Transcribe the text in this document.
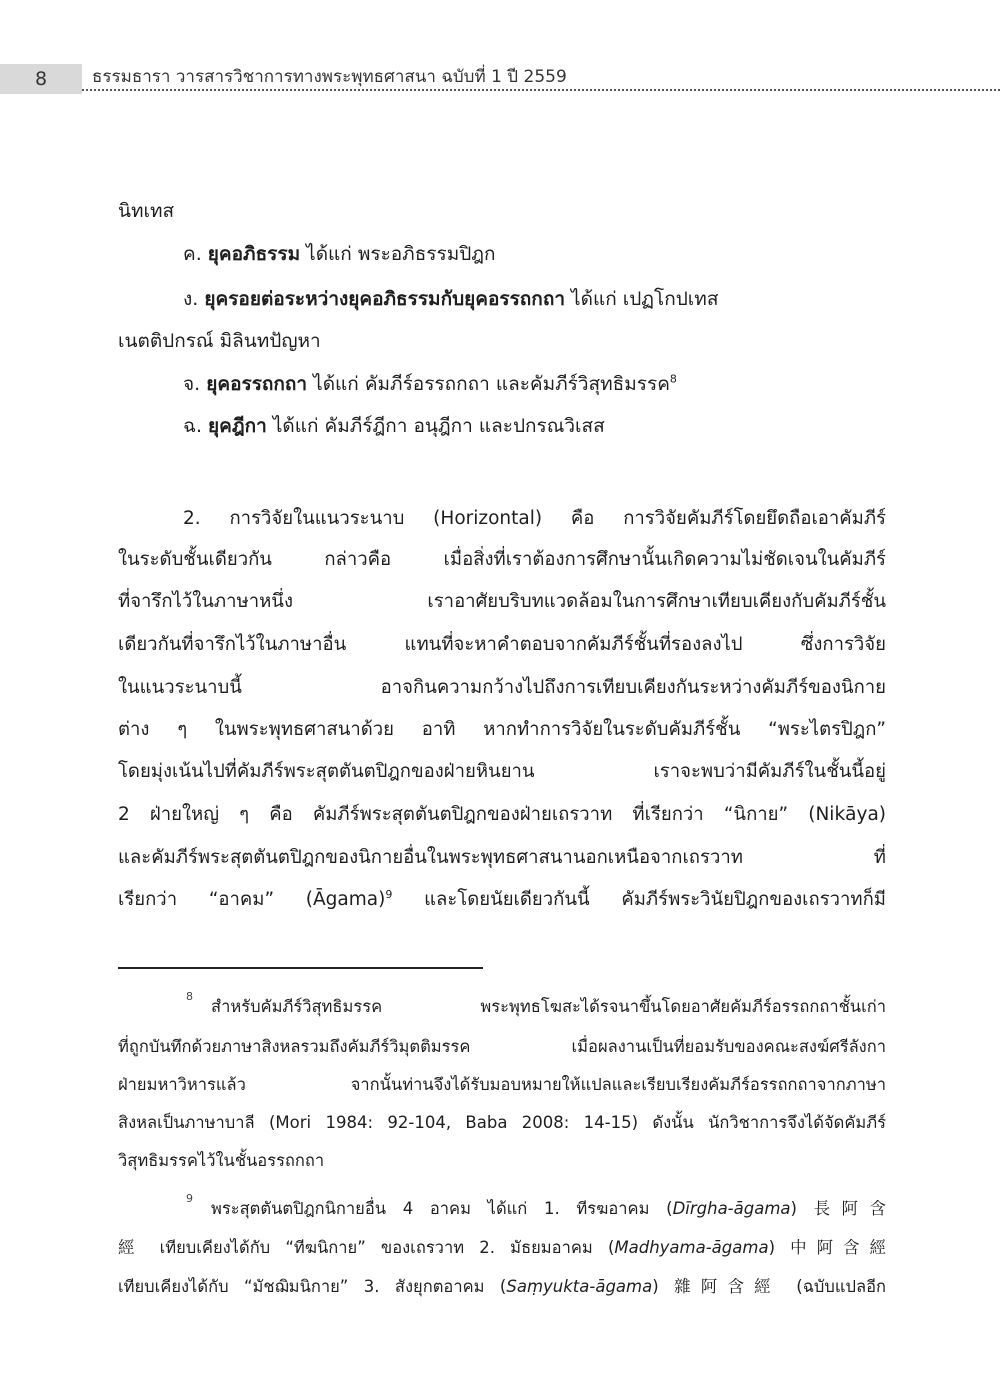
8	ธรรมธารา วารสารวิชาการทางพระพุทธศาสนา ฉบับที่ 1 ปี 2559
นิทเทส
ค. ยุคอภิธรรม ได้แก่ พระอภิธรรมปิฎก
ง. ยุครอยต่อระหว่างยุคอภิธรรมกับยุคอรรถกถา ได้แก่ เปฏโกปเทส
เนตติปกรณ์ มิลินทปัญหา
จ. ยุคอรรถกถา ได้แก่ คัมภีร์อรรถกถา และคัมภีร์วิสุทธิมรรค$^8$
ฉ. ยุคฎีกา ได้แก่ คัมภีร์ฎีกา อนุฎีกา และปกรณวิเสส
2. การวิจัยในแนวระนาบ (Horizontal) คือ การวิจัยคัมภีร์โดยยึดถือเอาคัมภีร์
ในระดับชั้นเดียวกัน กล่าวคือ เมื่อสิ่งที่เราต้องการศึกษานั้นเกิดความไม่ชัดเจนในคัมภีร์
ที่จารึกไว้ในภาษาหนึ่ง เราอาศัยบริบทแวดล้อมในการศึกษาเทียบเคียงกับคัมภีร์ชั้น
เดียวกันที่จารึกไว้ในภาษาอื่น แทนที่จะหาคำตอบจากคัมภีร์ชั้นที่รองลงไป ซึ่งการวิจัย
ในแนวระนาบนี้ อาจกินความกว้างไปถึงการเทียบเคียงกันระหว่างคัมภีร์ของนิกาย
ต่าง ๆ ในพระพุทธศาสนาด้วย อาทิ หากทำการวิจัยในระดับคัมภีร์ชั้น “พระไตรปิฎก”
โดยมุ่งเน้นไปที่คัมภีร์พระสุตตันตปิฎกของฝ่ายหินยาน เราจะพบว่ามีคัมภีร์ในชั้นนี้อยู่
2 ฝ่ายใหญ่ ๆ คือ คัมภีร์พระสุตตันตปิฎกของฝ่ายเถรวาท ที่เรียกว่า “นิกาย” (Nikāya)
และคัมภีร์พระสุตตันตปิฎกของนิกายอื่นในพระพุทธศาสนานอกเหนือจากเถรวาท ที่
เรียกว่า “อาคม” (Āgama)$^9$ และโดยนัยเดียวกันนี้ คัมภีร์พระวินัยปิฎกของเถรวาทก็มี
8
สำหรับคัมภีร์วิสุทธิมรรค พระพุทธโฆสะได้รจนาขึ้นโดยอาศัยคัมภีร์อรรถกถาชั้นเก่า
ที่ถูกบันทึกด้วยภาษาสิงหลรวมถึงคัมภีร์วิมุตติมรรค เมื่อผลงานเป็นที่ยอมรับของคณะสงฆ์ศรีลังกา
ฝ่ายมหาวิหารแล้ว จากนั้นท่านจึงได้รับมอบหมายให้แปลและเรียบเรียงคัมภีร์อรรถกถาจากภาษา
สิงหลเป็นภาษาบาลี (Mori 1984: 92-104, Baba 2008: 14-15) ดังนั้น นักวิชาการจึงได้จัดคัมภีร์
วิสุทธิมรรคไว้ในชั้นอรรถกถา
9
พระสุตตันตปิฎกนิกายอื่น 4 อาคม ได้แก่ 1. ทีรฆอาคม (Dīrgha-āgama) 長阿含
經 เทียบเคียงได้กับ “ทีฆนิกาย” ของเถรวาท 2. มัธยมอาคม (Madhyama-āgama) 中阿含經
เทียบเคียงได้กับ “มัชฌิมนิกาย” 3. สังยุกตอาคม (Saṃyukta-āgama) 雜阿含經 (ฉบับแปลอีก
